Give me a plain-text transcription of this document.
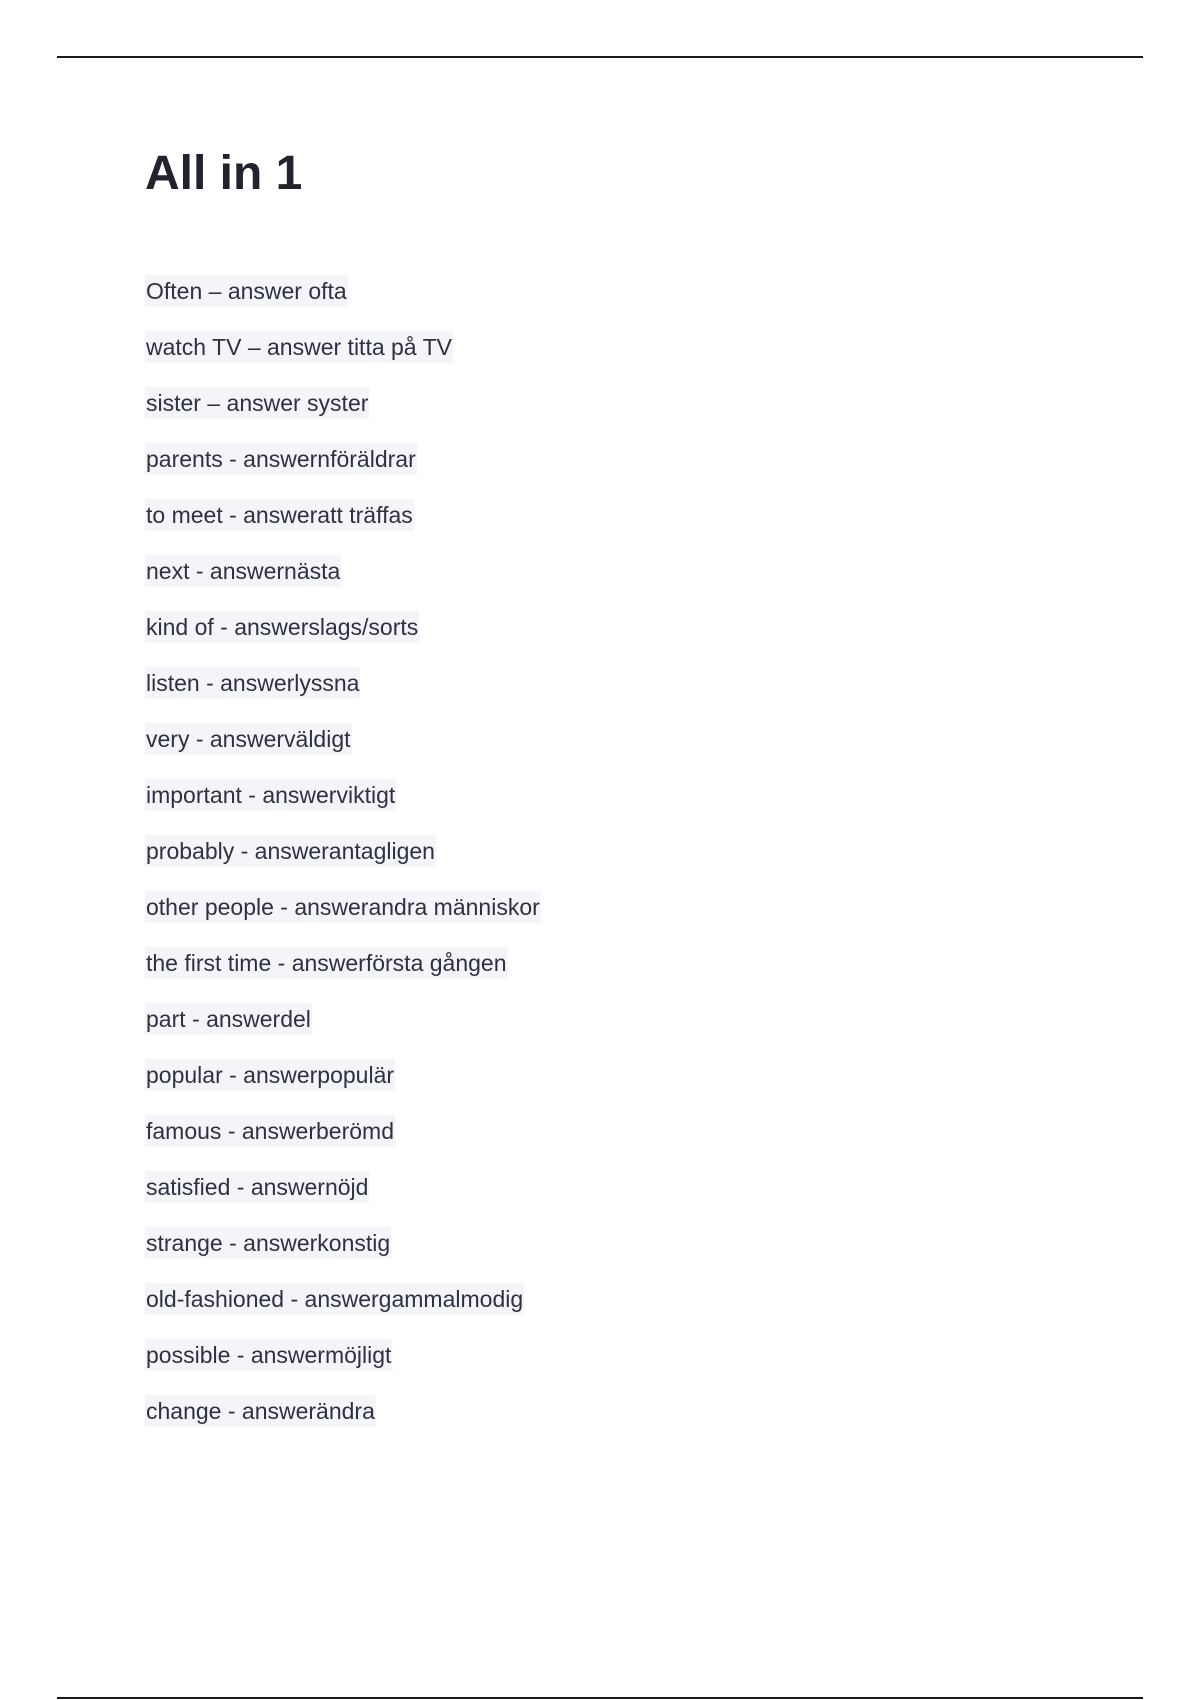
All in 1
Often – answer ofta
watch TV – answer titta på TV
sister – answer syster
parents - answernföräldrar
to meet - answeratt träffas
next - answernästa
kind of - answerslags/sorts
listen - answerlyssna
very - answerväldigt
important - answerviktigt
probably - answerantagligen
other people - answerandra människor
the first time - answerförsta gången
part - answerdel
popular - answerpopulär
famous - answerberömd
satisfied - answernöjd
strange - answerkonstig
old-fashioned - answergammalmodig
possible - answermöjligt
change - answerändra
